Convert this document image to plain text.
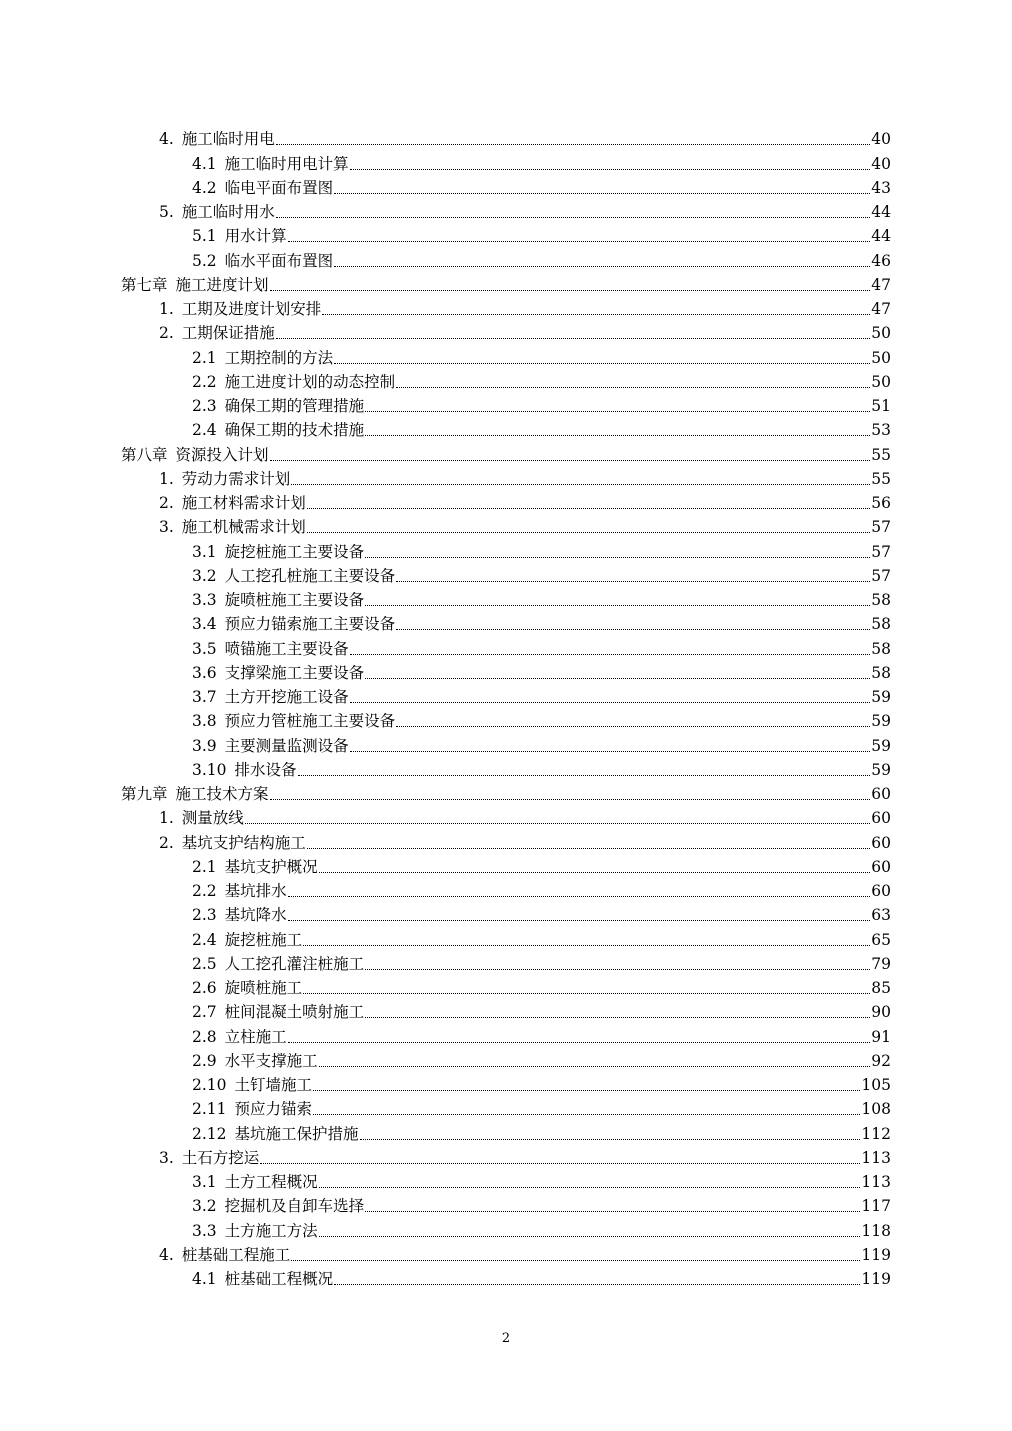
4. 施工临时用电	40
4.1 施工临时用电计算	40
4.2 临电平面布置图	43
5. 施工临时用水	44
5.1 用水计算	44
5.2 临水平面布置图	46
第七章 施工进度计划	47
1. 工期及进度计划安排	47
2. 工期保证措施	50
2.1 工期控制的方法	50
2.2 施工进度计划的动态控制	50
2.3 确保工期的管理措施	51
2.4 确保工期的技术措施	53
第八章 资源投入计划	55
1. 劳动力需求计划	55
2. 施工材料需求计划	56
3. 施工机械需求计划	57
3.1 旋挖桩施工主要设备	57
3.2 人工挖孔桩施工主要设备	57
3.3 旋喷桩施工主要设备	58
3.4 预应力锚索施工主要设备	58
3.5 喷锚施工主要设备	58
3.6 支撑梁施工主要设备	58
3.7 土方开挖施工设备	59
3.8 预应力管桩施工主要设备	59
3.9 主要测量监测设备	59
3.10 排水设备	59
第九章 施工技术方案	60
1. 测量放线	60
2. 基坑支护结构施工	60
2.1 基坑支护概况	60
2.2 基坑排水	60
2.3 基坑降水	63
2.4 旋挖桩施工	65
2.5 人工挖孔灌注桩施工	79
2.6 旋喷桩施工	85
2.7 桩间混凝土喷射施工	90
2.8 立柱施工	91
2.9 水平支撑施工	92
2.10 土钉墙施工	105
2.11 预应力锚索	108
2.12 基坑施工保护措施	112
3. 土石方挖运	113
3.1 土方工程概况	113
3.2 挖掘机及自卸车选择	117
3.3 土方施工方法	118
4. 桩基础工程施工	119
4.1 桩基础工程概况	119
2
